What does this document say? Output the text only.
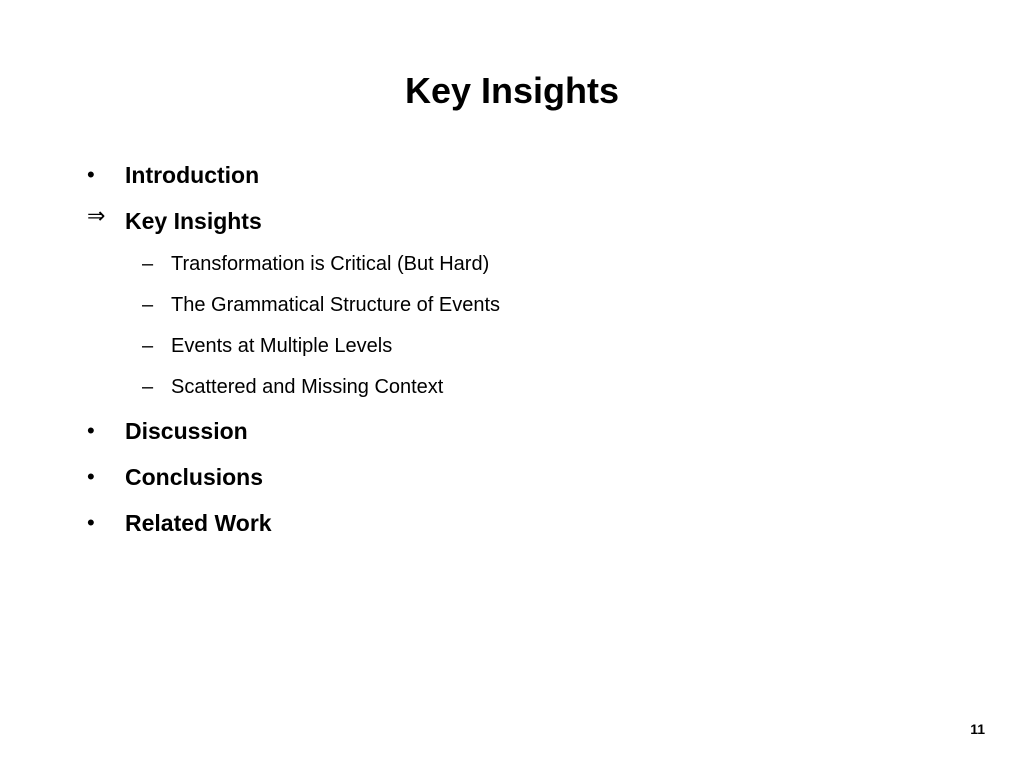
Key Insights
•	Introduction
⇒ Key Insights
– Transformation is Critical (But Hard)
– The Grammatical Structure of Events
– Events at Multiple Levels
– Scattered and Missing Context
•	Discussion
•	Conclusions
•	Related Work
11
